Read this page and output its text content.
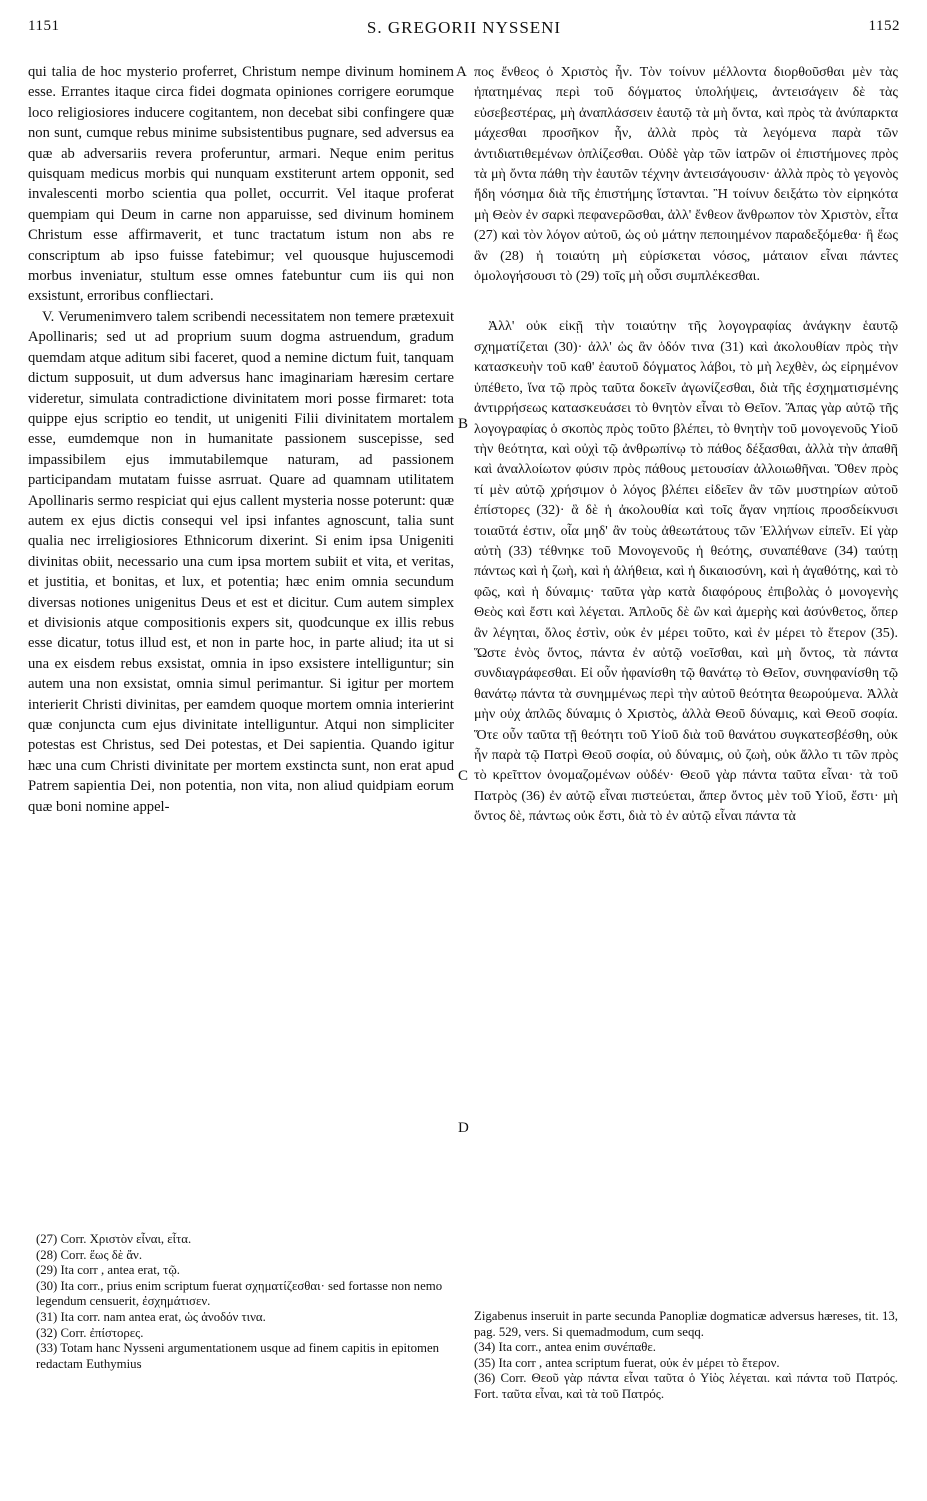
1151	S. GREGORII NYSSENI	1152

qui talia de hoc mysterio proferret, Christum nempe divinum hominem esse. Errantes itaque circa fidei dogmata opiniones corrigere eorumque loco religiosiores inducere cogitantem, non decebat sibi confingere quæ non sunt, cumque rebus minime subsistentibus pugnare, sed adversus ea quæ ab adversariis revera proferuntur, armari. Neque enim peritus quisquam medicus morbis qui nunquam exstiterunt artem opponit, sed invalescenti morbo scientia qua pollet, occurrit. Vel itaque proferat quempiam qui Deum in carne non apparuisse, sed divinum hominem Christum esse affirmaverit, et tunc tractatum istum non abs re conscriptum ab ipso fuisse fatebimur; vel quousque hujuscemodi morbus inveniatur, stultum esse omnes fatebuntur cum iis qui non exsistunt, erroribus confliectari.

V. Verumenimvero talem scribendi necessitatem non temere prætexuit Apollinaris; sed ut ad proprium suum dogma astruendum, gradum quemdam atque aditum sibi faceret, quod a nemine dictum fuit, tanquam dictum supposuit, ut dum adversus hanc imaginariam hæresim certare videretur, simulata contradictione divinitatem mori posse firmaret: tota quippe ejus scriptio eo tendit, ut unigeniti Filii divinitatem mortalem esse, eumdemque non in humanitate passionem suscepisse, sed impassibilem ejus immutabilemque naturam, ad passionem participandam mutatam fuisse asrruat. Quare ad quamnam utilitatem Apollinaris sermo respiciat qui ejus callent mysteria nosse poterunt: quæ autem ex ejus dictis consequi vel ipsi infantes agnoscunt, talia sunt qualia nec irreligiosiores Ethnicorum dixerint. Si enim ipsa Unigeniti divinitas obiit, necessario una cum ipsa mortem subiit et vita, et veritas, et justitia, et bonitas, et lux, et potentia; hæc enim omnia secundum diversas notiones unigenitus Deus et est et dicitur. Cum autem simplex et divisionis atque compositionis expers sit, quodcunque ex illis rebus esse dicatur, totus illud est, et non in parte hoc, in parte aliud; ita ut si una ex eisdem rebus exsistat, omnia in ipso exsistere intelliguntur; sin autem una non exsistat, omnia simul perimantur. Si igitur per mortem interierit Christi divinitas, per eamdem quoque mortem omnia interierint quæ conjuncta cum ejus divinitate intelliguntur. Atqui non simpliciter potestas est Christus, sed Dei potestas, et Dei sapientia. Quando igitur hæc una cum Christi divinitate per mortem exstincta sunt, non erat apud Patrem sapientia Dei, non potentia, non vita, non aliud quidpiam eorum quæ boni nomine appel-

A
B
C
D

πος ἔνθεος ὁ Χριστὸς ἦν. Τὸν τοίνυν μέλλοντα διορθοῦσθαι μὲν τὰς ἠπατημένας περὶ τοῦ δόγματος ὑπολήψεις, ἀντεισάγειν δὲ τὰς εὐσεβεστέρας, μὴ ἀναπλάσσειν ἑαυτῷ τὰ μὴ ὄντα, καὶ πρὸς τὰ ἀνύπαρκτα μάχεσθαι προσῆκον ἦν, ἀλλὰ πρὸς τὰ λεγόμενα παρὰ τῶν ἀντιδιατιθεμένων ὁπλίζεσθαι. Οὐδὲ γὰρ τῶν ἰατρῶν οἱ ἐπιστήμονες πρὸς τὰ μὴ ὄντα πάθη τὴν ἑαυτῶν τέχνην ἀντεισάγουσιν· ἀλλὰ πρὸς τὸ γεγονὸς ἤδη νόσημα διὰ τῆς ἐπιστήμης ἵστανται. Ἢ τοίνυν δειξάτω τὸν εἰρηκότα μὴ Θεὸν ἐν σαρκὶ πεφανερῶσθαι, ἀλλ' ἔνθεον ἄνθρωπον τὸν Χριστὸν, εἶτα (27) καὶ τὸν λόγον αὐτοῦ, ὡς οὐ μάτην πεποιημένον παραδεξόμεθα· ἢ ἕως ἂν (28) ἡ τοιαύτη μὴ εὑρίσκεται νόσος, μάταιον εἶναι πάντες ὁμολογήσουσι τὸ (29) τοῖς μὴ οὖσι συμπλέκεσθαι.

Ἀλλ' οὐκ εἰκῇ τὴν τοιαύτην τῆς λογογραφίας ἀνάγκην ἑαυτῷ σχηματίζεται (30)· ἀλλ' ὡς ἂν ὁδόν τινα (31) καὶ ἀκολουθίαν πρὸς τὴν κατασκευὴν τοῦ καθ' ἑαυτοῦ δόγματος λάβοι, τὸ μὴ λεχθὲν, ὡς εἰρημένον ὑπέθετο, ἵνα τῷ πρὸς ταῦτα δοκεῖν ἀγωνίζεσθαι, διὰ τῆς ἐσχηματισμένης ἀντιρρήσεως κατασκευάσει τὸ θνητὸν εἶναι τὸ Θεῖον. Ἅπας γὰρ αὐτῷ τῆς λογογραφίας ὁ σκοπὸς πρὸς τοῦτο βλέπει, τὸ θνητὴν τοῦ μονογενοῦς Υἱοῦ τὴν θεότητα, καὶ οὐχὶ τῷ ἀνθρωπίνῳ τὸ πάθος δέξασθαι, ἀλλὰ τὴν ἀπαθῆ καὶ ἀναλλοίωτον φύσιν πρὸς πάθους μετουσίαν ἀλλοιωθῆναι. Ὅθεν πρὸς τί μὲν αὐτῷ χρήσιμον ὁ λόγος βλέπει εἰδεῖεν ἂν τῶν μυστηρίων αὐτοῦ ἐπίστορες (32)· ἃ δὲ ἡ ἀκολουθία καὶ τοῖς ἄγαν νηπίοις προσδείκνυσι τοιαῦτά ἐστιν, οἷα μηδ' ἂν τοὺς ἀθεωτάτους τῶν Ἑλλήνων εἰπεῖν. Εἰ γὰρ αὐτὴ (33) τέθνηκε τοῦ Μονογενοῦς ἡ θεότης, συναπέθανε (34) ταύτῃ πάντως καὶ ἡ ζωὴ, καὶ ἡ ἀλήθεια, καὶ ἡ δικαιοσύνη, καὶ ἡ ἀγαθότης, καὶ τὸ φῶς, καὶ ἡ δύναμις· ταῦτα γὰρ κατὰ διαφόρους ἐπιβολὰς ὁ μονογενὴς Θεὸς καὶ ἔστι καὶ λέγεται. Ἁπλοῦς δὲ ὢν καὶ ἀμερὴς καὶ ἀσύνθετος, ὅπερ ἂν λέγηται, ὅλος ἐστὶν, οὐκ ἐν μέρει τοῦτο, καὶ ἐν μέρει τὸ ἕτερον (35). Ὥστε ἑνὸς ὄντος, πάντα ἐν αὐτῷ νοεῖσθαι, καὶ μὴ ὄντος, τὰ πάντα συνδιαγράφεσθαι. Εἰ οὖν ἠφανίσθη τῷ θανάτῳ τὸ Θεῖον, συνηφανίσθη τῷ θανάτῳ πάντα τὰ συνημμένως περὶ τὴν αὐτοῦ θεότητα θεωρούμενα. Ἀλλὰ μὴν οὐχ ἁπλῶς δύναμις ὁ Χριστὸς, ἀλλὰ Θεοῦ δύναμις, καὶ Θεοῦ σοφία. Ὅτε οὖν ταῦτα τῇ θεότητι τοῦ Υἱοῦ διὰ τοῦ θανάτου συγκατεσβέσθη, οὐκ ἦν παρὰ τῷ Πατρὶ Θεοῦ σοφία, οὐ δύναμις, οὐ ζωὴ, οὐκ ἄλλο τι τῶν πρὸς τὸ κρεῖττον ὀνομαζομένων οὐδέν· Θεοῦ γὰρ πάντα ταῦτα εἶναι· τὰ τοῦ Πατρὸς (36) ἐν αὐτῷ εἶναι πιστεύεται, ἅπερ ὄντος μὲν τοῦ Υἱοῦ, ἔστι· μὴ ὄντος δὲ, πάντως οὐκ ἔστι, διὰ τὸ ἐν αὐτῷ εἶναι πάντα τὰ

(27) Corr. Χριστὸν εἶναι, εἶτα.
(28) Corr. ἕως δὲ ἄν.
(29) Ita corr , antea erat, τῷ.
(30) Ita corr., prius enim scriptum fuerat σχηματίζεσθαι· sed fortasse non nemo legendum censuerit, ἐσχημάτισεν.
(31) Ita corr. nam antea erat, ὡς ἀνοδόν τινα.
(32) Corr. ἐπίστορες.
(33) Totam hanc Nysseni argumentationem usque ad finem capitis in epitomen redactam Euthymius
Zigabenus inseruit in parte secunda Panopliæ dogmaticæ adversus hæreses, tit. 13, pag. 529, vers. Si quemadmodum, cum seqq.
(34) Ita corr., antea enim συνέπαθε.
(35) Ita corr , antea scriptum fuerat, οὐκ ἐν μέρει τὸ ἕτερον.
(36) Corr. Θεοῦ γὰρ πάντα εἶναι ταῦτα ὁ Υἱὸς λέγεται. καὶ πάντα τοῦ Πατρός. Fort. ταῦτα εἶναι, καὶ τὰ τοῦ Πατρός.
